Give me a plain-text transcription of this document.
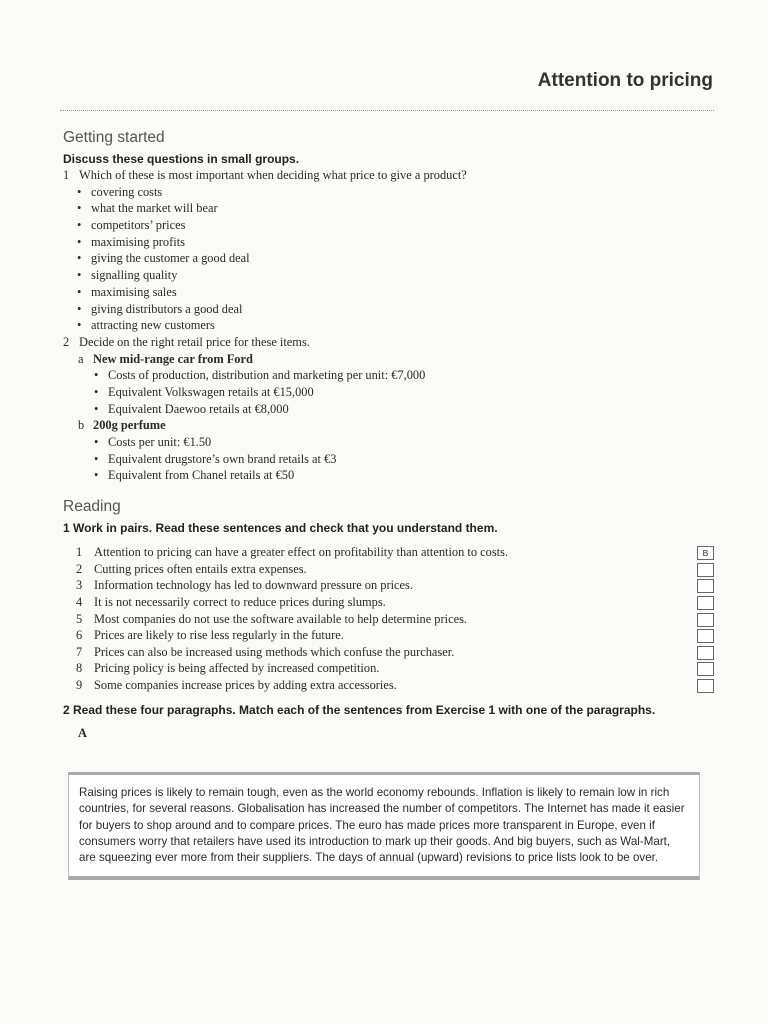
Attention to pricing
Getting started

Discuss these questions in small groups.

1 Which of these is most important when deciding what price to give a product?
• covering costs
• what the market will bear
• competitors’ prices
• maximising profits
• giving the customer a good deal
• signalling quality
• maximising sales
• giving distributors a good deal
• attracting new customers
2 Decide on the right retail price for these items.
a New mid-range car from Ford
• Costs of production, distribution and marketing per unit: €7,000
• Equivalent Volkswagen retails at €15,000
• Equivalent Daewoo retails at €8,000
b 200g perfume
• Costs per unit: €1.50
• Equivalent drugstore’s own brand retails at €3
• Equivalent from Chanel retails at €50
Reading

1 Work in pairs. Read these sentences and check that you understand them.

1 Attention to pricing can have a greater effect on profitability than attention to costs.	B
2 Cutting prices often entails extra expenses.
3 Information technology has led to downward pressure on prices.
4 It is not necessarily correct to reduce prices during slumps.
5 Most companies do not use the software available to help determine prices.
6 Prices are likely to rise less regularly in the future.
7 Prices can also be increased using methods which confuse the purchaser.
8 Pricing policy is being affected by increased competition.
9 Some companies increase prices by adding extra accessories.

2 Read these four paragraphs. Match each of the sentences from Exercise 1 with one of the paragraphs.

A

Raising prices is likely to remain tough, even as the world economy rebounds. Inflation is likely to remain low in rich countries, for several reasons. Globalisation has increased the number of competitors. The Internet has made it easier for buyers to shop around and to compare prices. The euro has made prices more transparent in Europe, even if consumers worry that retailers have used its introduction to mark up their goods. And big buyers, such as Wal-Mart, are squeezing ever more from their suppliers. The days of annual (upward) revisions to price lists look to be over.
